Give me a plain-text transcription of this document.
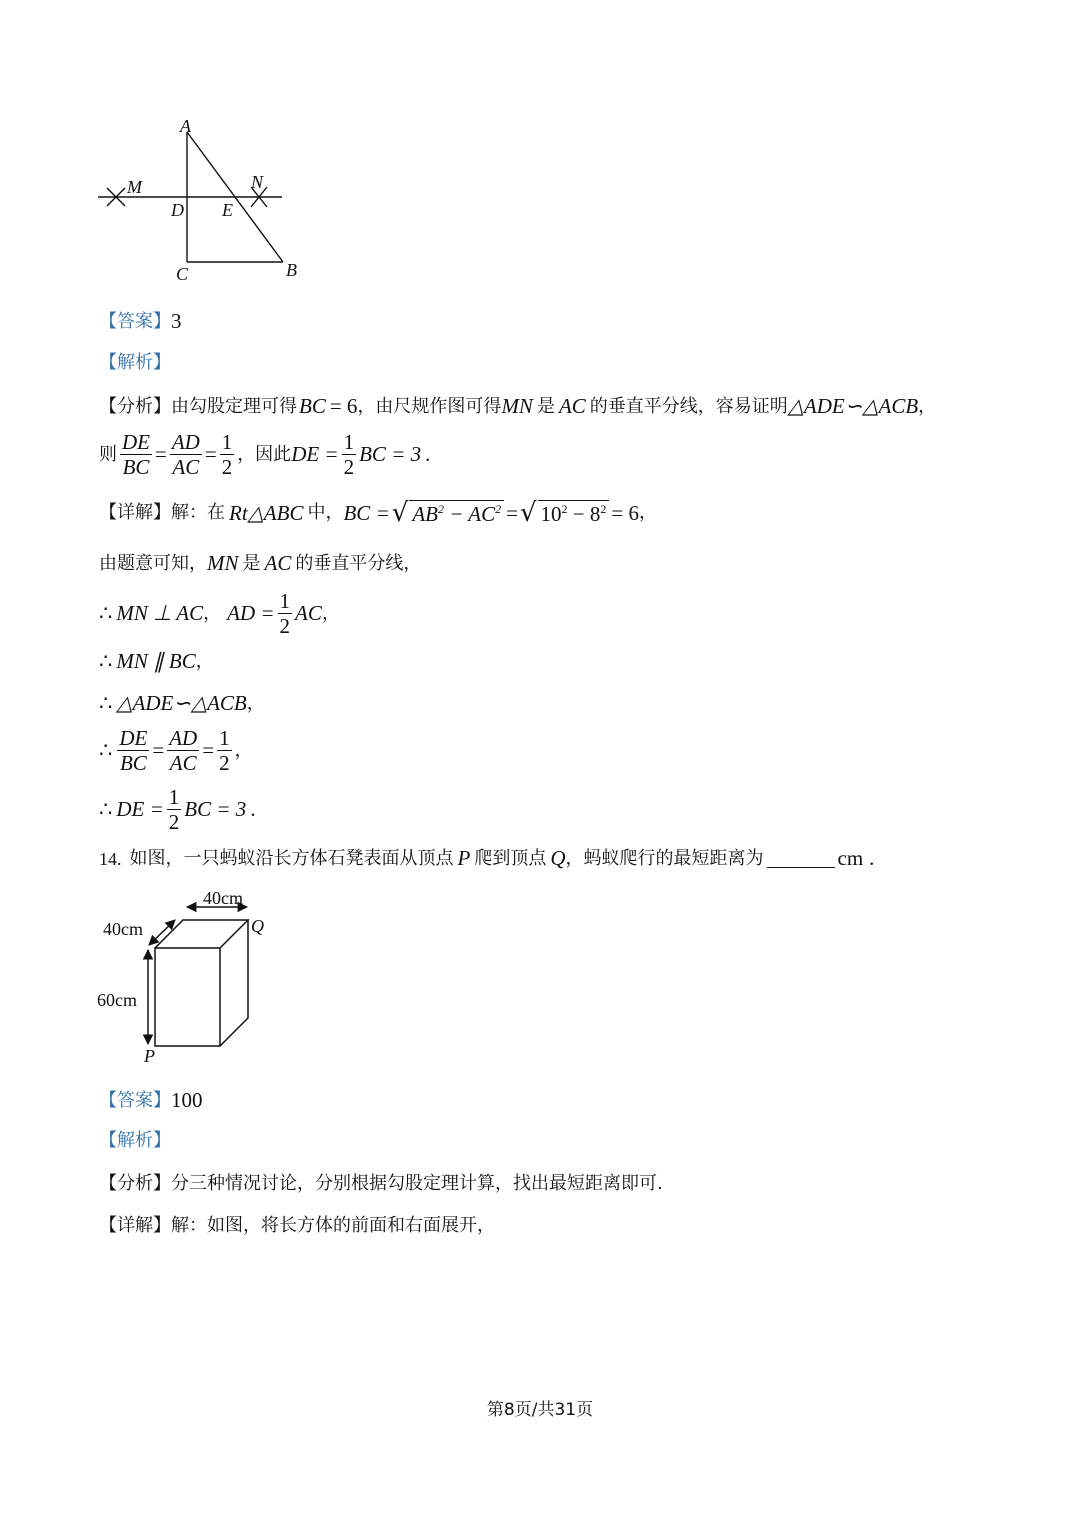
A
M	N
D E
C	B
【答案】 3
【解析】
【分析】 由勾股定理可得 BC = 6 ，由尺规作图可得 MN 是 AC 的垂直平分线，容易证明 △ADE∽△ACB ，
则 $\frac{DE}{BC} = \frac{AD}{AC} = \frac{1}{2}$ ，因此 DE = $\frac{1}{2}$ BC = 3 .
【详解】 解：在 Rt△ABC 中， BC = √ $AB^2 - AC^2$ = √ $10^2 - 8^2 = 6$ ，
由题意可知， MN 是 AC 的垂直平分线，
∴ MN ⊥ AC ， AD = $\frac{1}{2}$ AC ，
∴ MN ∥ BC ，
∴ △ADE∽△ACB ，
∴ $\frac{DE}{BC} = \frac{AD}{AC} = \frac{1}{2}$ ，
∴ DE = $\frac{1}{2}$ BC = 3 .
14. 如图，一只蚂蚁沿长方体石凳表面从顶点 P 爬到顶点 Q ，蚂蚁爬行的最短距离为	cm .
40cm
40cm
60cm
Q
P
【答案】 100
【解析】
【分析】 分三种情况讨论，分别根据勾股定理计算，找出最短距离即可.
【详解】 解：如图，将长方体的前面和右面展开，
第8页/共31页
